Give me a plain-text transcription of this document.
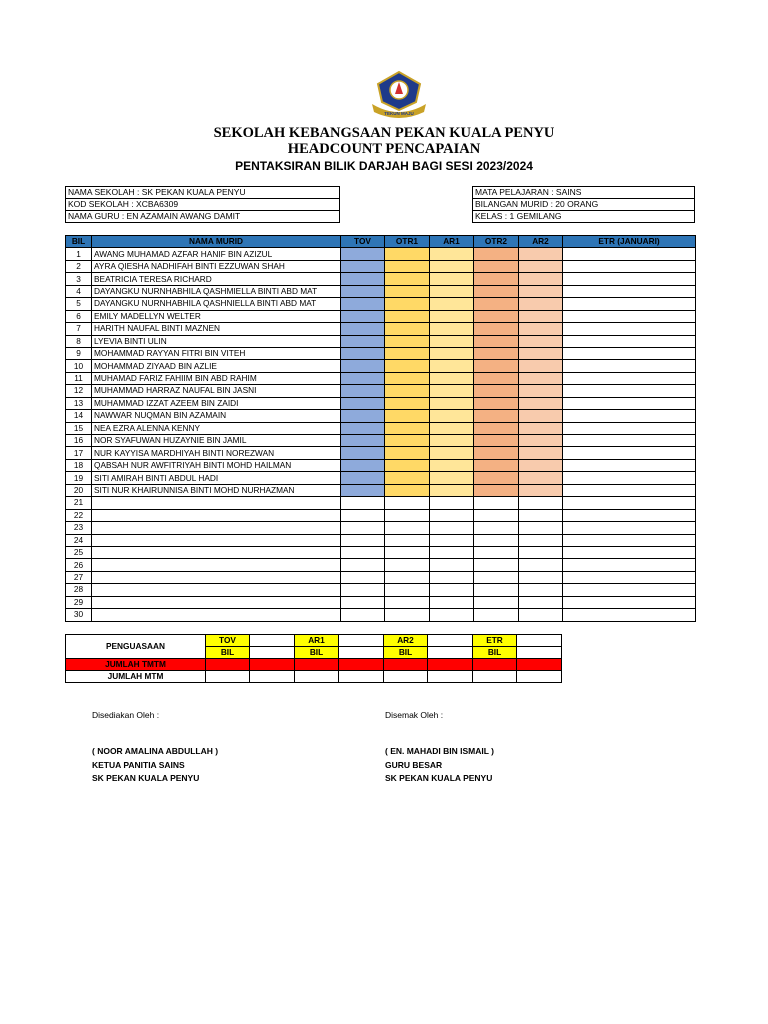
TEKUN MAJU
SEKOLAH KEBANGSAAN PEKAN KUALA PENYU
HEADCOUNT PENCAPAIAN
PENTAKSIRAN BILIK DARJAH BAGI SESI 2023/2024
NAMA SEKOLAH : SK PEKAN KUALA PENYU
KOD SEKOLAH : XCBA6309
NAMA GURU : EN AZAMAIN AWANG DAMIT
MATA PELAJARAN : SAINS
BILANGAN MURID : 20 ORANG
KELAS : 1 GEMILANG
BIL	NAMA MURID	TOV	OTR1	AR1	OTR2	AR2	ETR (JANUARI)
1	AWANG MUHAMAD AZFAR HANIF BIN AZIZUL						
2	AYRA QIESHA NADHIFAH BINTI EZZUWAN SHAH						
3	BEATRICIA TERESA RICHARD						
4	DAYANGKU NURNHABHILA QASHMIELLA BINTI ABD MAT						
5	DAYANGKU NURNHABHILA QASHNIELLA BINTI ABD MAT						
6	EMILY MADELLYN WELTER						
7	HARITH NAUFAL BINTI MAZNEN						
8	LYEVIA BINTI ULIN						
9	MOHAMMAD RAYYAN FITRI BIN VITEH						
10	MOHAMMAD ZIYAAD BIN AZLIE						
11	MUHAMAD FARIZ FAHIIM BIN ABD RAHIM						
12	MUHAMMAD HARRAZ NAUFAL BIN JASNI						
13	MUHAMMAD IZZAT AZEEM BIN ZAIDI						
14	NAWWAR NUQMAN BIN AZAMAIN						
15	NEA EZRA ALENNA KENNY						
16	NOR SYAFUWAN HUZAYNIE BIN JAMIL						
17	NUR KAYYISA MARDHIYAH BINTI NOREZWAN						
18	QABSAH NUR AWFITRIYAH BINTI MOHD HAILMAN						
19	SITI AMIRAH BINTI ABDUL HADI						
20	SITI NUR KHAIRUNNISA BINTI MOHD NURHAZMAN						
21							
22							
23							
24							
25							
26							
27							
28							
29							
30							
PENGUASAAN	TOV		AR1		AR2		ETR	
	BIL		BIL		BIL		BIL	
JUMLAH TMTM								
JUMLAH MTM								
Disediakan Oleh :	Disemak Oleh :
( NOOR AMALINA ABDULLAH )
KETUA PANITIA SAINS
SK PEKAN KUALA PENYU
( EN. MAHADI BIN ISMAIL )
GURU BESAR
SK PEKAN KUALA PENYU
